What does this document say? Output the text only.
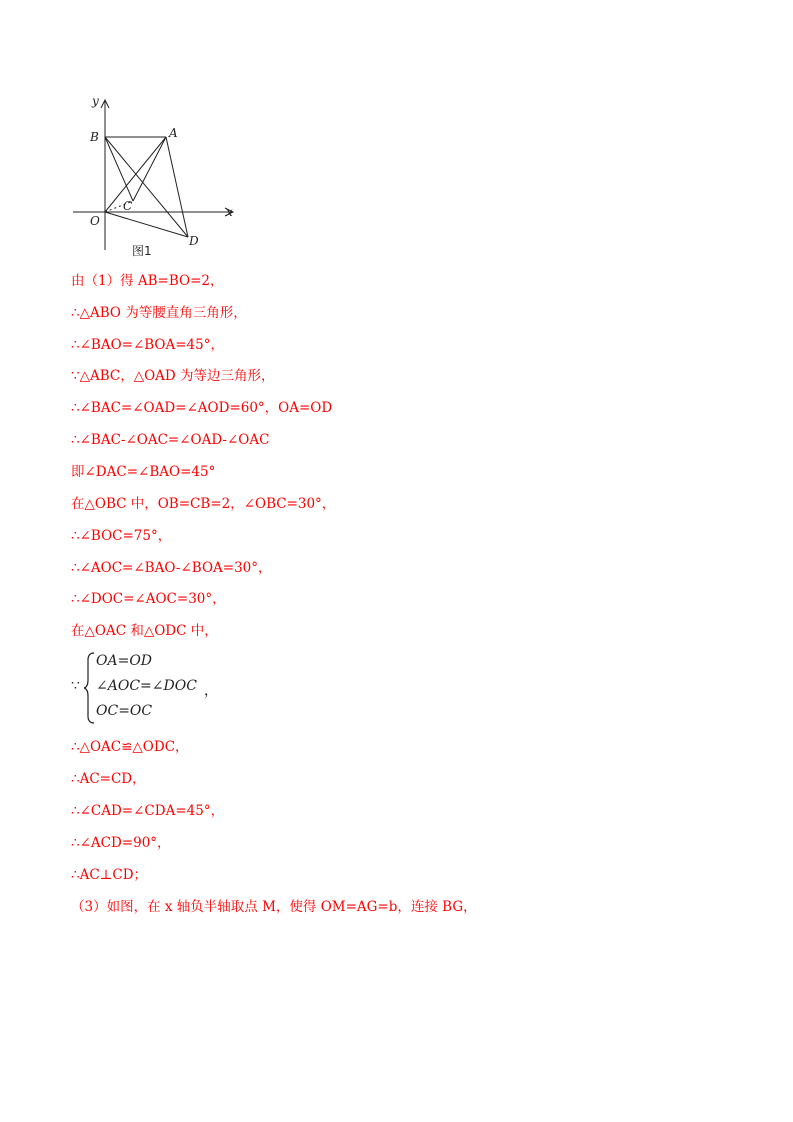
y
x
B	A
O
C
D
图1
由（1）得 AB=BO=2，
∴△ABO 为等腰直角三角形，
∴∠BAO=∠BOA=45°，
∵△ABC，△OAD 为等边三角形，
∴∠BAC=∠OAD=∠AOD=60°，OA=OD
∴∠BAC-∠OAC=∠OAD-∠OAC
即∠DAC=∠BAO=45°
在△OBC 中，OB=CB=2，∠OBC=30°，
∴∠BOC=75°，
∴∠AOC=∠BAO-∠BOA=30°，
∴∠DOC=∠AOC=30°，
在△OAC 和△ODC 中，
∵
OA=OD
∠AOC=∠DOC
OC=OC
，
∴△OAC≌△ODC，
∴AC=CD，
∴∠CAD=∠CDA=45°，
∴∠ACD=90°，
∴AC⊥CD；
（3）如图，在 x 轴负半轴取点 M，使得 OM=AG=b，连接 BG，
